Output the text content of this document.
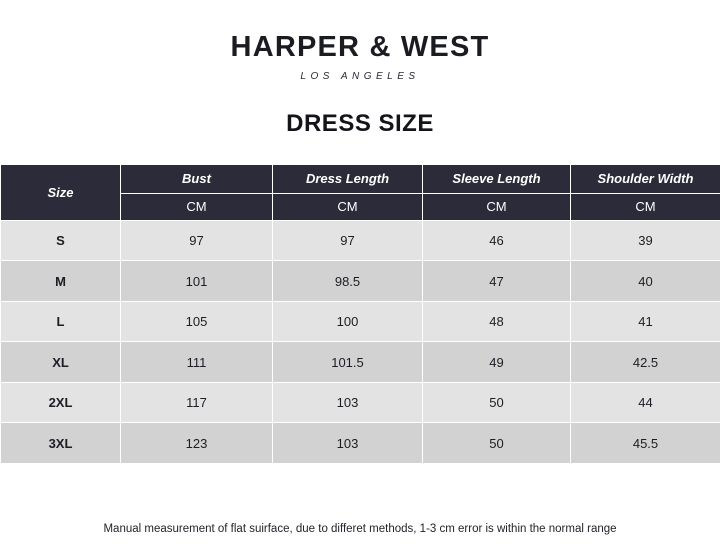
HARPER & WEST
LOS ANGELES
DRESS SIZE
Size	Bust	Dress Length	Sleeve Length	Shoulder Width
	CM	CM	CM	CM
S	97	97	46	39
M	101	98.5	47	40
L	105	100	48	41
XL	111	101.5	49	42.5
2XL	117	103	50	44
3XL	123	103	50	45.5
Manual measurement of flat suirface, due to differet methods, 1-3 cm error is within the normal range
